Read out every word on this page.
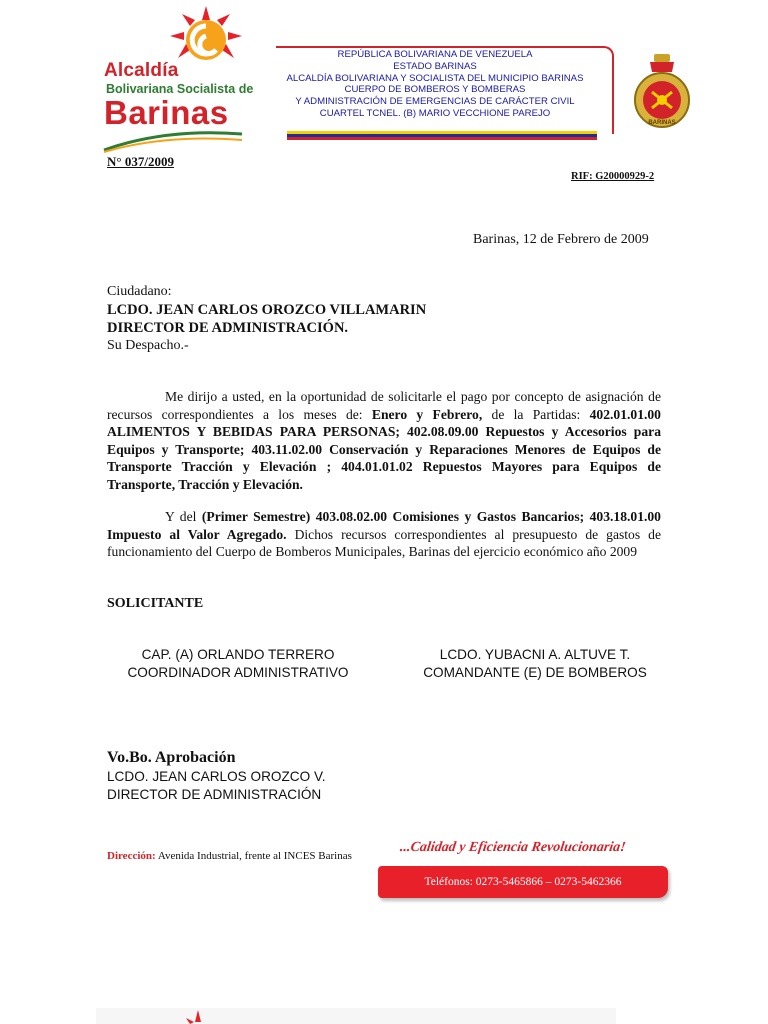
Alcaldía
Bolivariana Socialista de
Barinas
REPÚBLICA BOLIVARIANA DE VENEZUELA
ESTADO BARINAS
ALCALDÍA BOLIVARIANA Y SOCIALISTA DEL MUNICIPIO BARINAS
CUERPO DE BOMBEROS Y BOMBERAS
Y ADMINISTRACIÓN DE EMERGENCIAS DE CARÁCTER CIVIL
CUARTEL TCNEL. (B) MARIO VECCHIONE PAREJO
BARINAS
N° 037/2009
RIF: G20000929-2
Barinas, 12 de Febrero de 2009
Ciudadano:
LCDO. JEAN CARLOS OROZCO VILLAMARIN
DIRECTOR DE ADMINISTRACIÓN.
Su Despacho.-
Me dirijo a usted, en la oportunidad de solicitarle el pago por concepto de asignación de recursos correspondientes a los meses de: Enero y Febrero, de la Partidas: 402.01.01.00 ALIMENTOS Y BEBIDAS PARA PERSONAS; 402.08.09.00 Repuestos y Accesorios para Equipos y Transporte; 403.11.02.00 Conservación y Reparaciones Menores de Equipos de Transporte Tracción y Elevación ; 404.01.01.02 Repuestos Mayores para Equipos de Transporte, Tracción y Elevación.
Y del (Primer Semestre) 403.08.02.00 Comisiones y Gastos Bancarios; 403.18.01.00 Impuesto al Valor Agregado. Dichos recursos correspondientes al presupuesto de gastos de funcionamiento del Cuerpo de Bomberos Municipales, Barinas del ejercicio económico año 2009
SOLICITANTE
CAP. (A) ORLANDO TERRERO
COORDINADOR ADMINISTRATIVO
LCDO. YUBACNI A. ALTUVE T.
COMANDANTE (E) DE BOMBEROS
Vo.Bo. Aprobación
LCDO. JEAN CARLOS OROZCO V.
DIRECTOR DE ADMINISTRACIÓN
Dirección: Avenida Industrial, frente al INCES Barinas
...Calidad y Eficiencia Revolucionaria!
Teléfonos: 0273-5465866 – 0273-5462366
